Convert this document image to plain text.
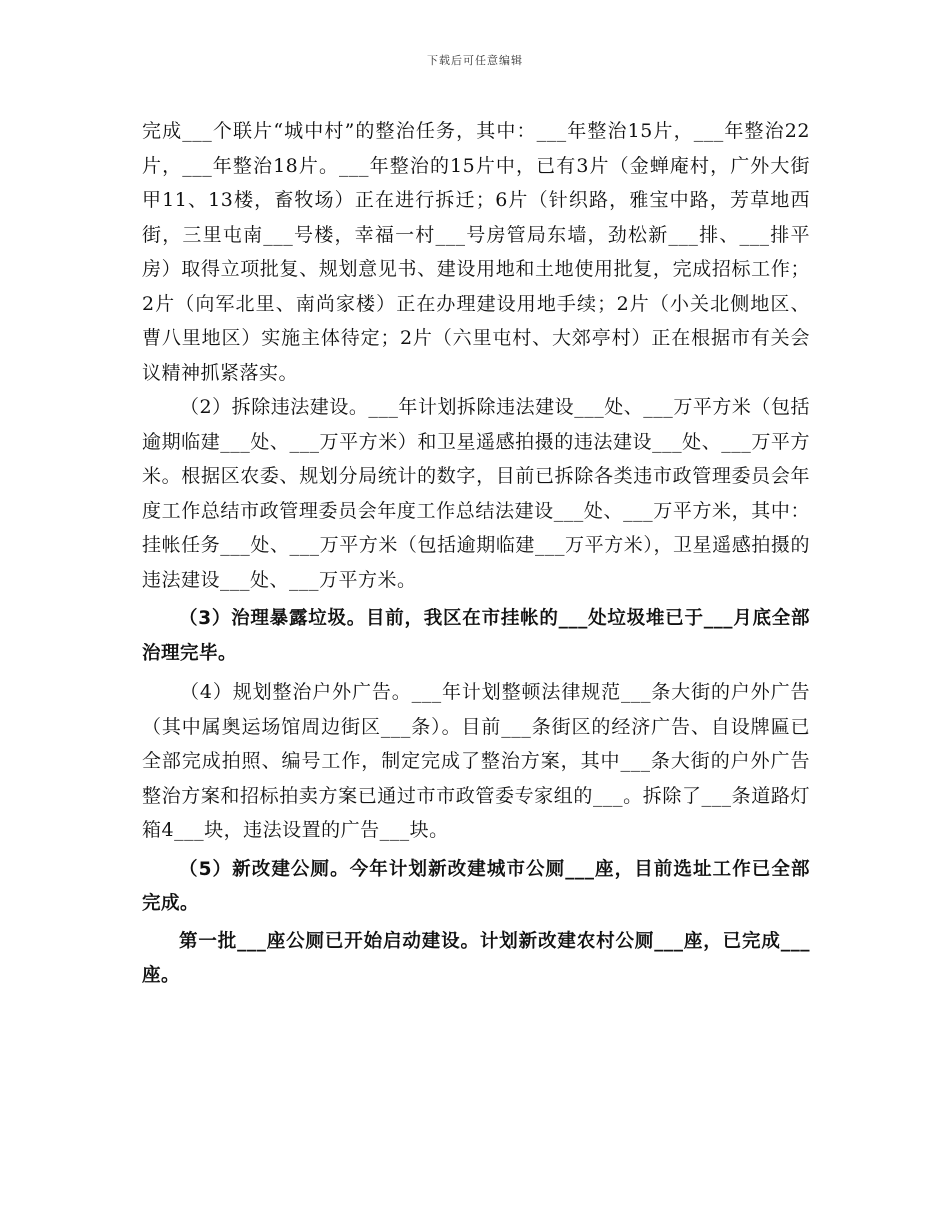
下载后可任意编辑

完成___个联片“城中村”的整治任务，其中：___年整治15片，___年整治22片，___年整治18片。___年整治的15片中，已有3片（金蝉庵村，广外大街甲11、13楼，畜牧场）正在进行拆迁；6片（针织路，雅宝中路，芳草地西街，三里屯南___号楼，幸福一村___号房管局东墙，劲松新___排、___排平房）取得立项批复、规划意见书、建设用地和土地使用批复，完成招标工作；2片（向军北里、南尚家楼）正在办理建设用地手续；2片（小关北侧地区、曹八里地区）实施主体待定；2片（六里屯村、大郊亭村）正在根据市有关会议精神抓紧落实。

（2）拆除违法建设。___年计划拆除违法建设___处、___万平方米（包括逾期临建___处、___万平方米）和卫星遥感拍摄的违法建设___处、___万平方米。根据区农委、规划分局统计的数字，目前已拆除各类违市政管理委员会年度工作总结市政管理委员会年度工作总结法建设___处、___万平方米，其中：挂帐任务___处、___万平方米（包括逾期临建___万平方米），卫星遥感拍摄的违法建设___处、___万平方米。

（3）治理暴露垃圾。目前，我区在市挂帐的___处垃圾堆已于___月底全部治理完毕。

（4）规划整治户外广告。___年计划整顿法律规范___条大街的户外广告（其中属奥运场馆周边街区___条）。目前___条街区的经济广告、自设牌匾已全部完成拍照、编号工作，制定完成了整治方案，其中___条大街的户外广告整治方案和招标拍卖方案已通过市市政管委专家组的___。拆除了___条道路灯箱4___块，违法设置的广告___块。

（5）新改建公厕。今年计划新改建城市公厕___座，目前选址工作已全部完成。

第一批___座公厕已开始启动建设。计划新改建农村公厕___座，已完成___座。
